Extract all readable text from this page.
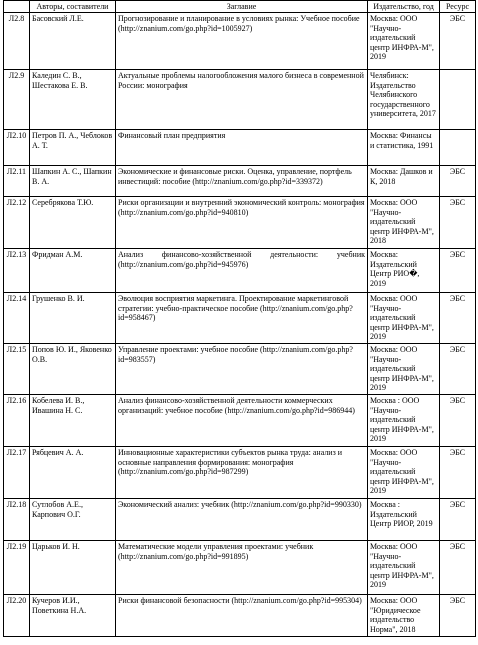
	Авторы, составители	Заглавие	Издательство, год	Ресурс
Л2.8	Басовский Л.Е.	Прогнозирование и планирование в условиях рынка: Учебное пособие (http://znanium.com/go.php?id=1005927)	Москва: ООО "Научно-издательский центр ИНФРА-М", 2019	ЭБС
Л2.9	Каледин С. В., Шестакова Е. В.	Актуальные проблемы налогообложения малого бизнеса в современной России: монография	Челябинск: Издательство Челябинского государственного университета, 2017	
Л2.10	Петров П. А., Чеблоков А. Т.	Финансовый план предприятия	Москва: Финансы и статистика, 1991	
Л2.11	Шапкин А. С., Шапкин В. А.	Экономические и финансовые риски. Оценка, управление, портфель инвестиций: пособие (http://znanium.com/go.php?id=339372)	Москва: Дашков и К, 2018	ЭБС
Л2.12	Серебрякова Т.Ю.	Риски организации и внутренний экономический контроль: монография (http://znanium.com/go.php?id=940810)	Москва: ООО "Научно-издательский центр ИНФРА-М", 2018	ЭБС
Л2.13	Фридман А.М.	Анализ финансово-хозяйственной деятельности: учебник (http://znanium.com/go.php?id=945976)	Москва: Издательский Центр РИО�, 2019	ЭБС
Л2.14	Грушенко В. И.	Эволюция восприятия маркетинга. Проектирование маркетинговой стратегии: учебно-практическое пособие (http://znanium.com/go.php?id=958467)	Москва: ООО "Научно-издательский центр ИНФРА-М", 2019	ЭБС
Л2.15	Попов Ю. И., Яковенко О.В.	Управление проектами: учебное пособие (http://znanium.com/go.php?id=983557)	Москва: ООО "Научно-издательский центр ИНФРА-М", 2019	ЭБС
Л2.16	Кобелева И. В., Ивашина Н. С.	Анализ финансово-хозяйственной деятельности коммерческих организаций: учебное пособие (http://znanium.com/go.php?id=986944)	Москва : ООО "Научно-издательский центр ИНФРА-М", 2019	ЭБС
Л2.17	Рябцевич А. А.	Инновационные характеристики субъектов рынка труда: анализ и основные направления формирования: монография (http://znanium.com/go.php?id=987299)	Москва: ООО "Научно-издательский центр ИНФРА-М", 2019	ЭБС
Л2.18	Сутлобов А.Е., Карпович О.Г.	Экономический анализ: учебник (http://znanium.com/go.php?id=990330)	Москва : Издательский Центр РИОР, 2019	ЭБС
Л2.19	Царьков И. Н.	Математические модели управления проектами: учебник (http://znanium.com/go.php?id=991895)	Москва: ООО "Научно-издательский центр ИНФРА-М", 2019	ЭБС
Л2.20	Кучеров И.И., Поветкина Н.А.	Риски финансовой безопасности (http://znanium.com/go.php?id=995304)	Москва: ООО "Юридическое издательство Норма", 2018	ЭБС
